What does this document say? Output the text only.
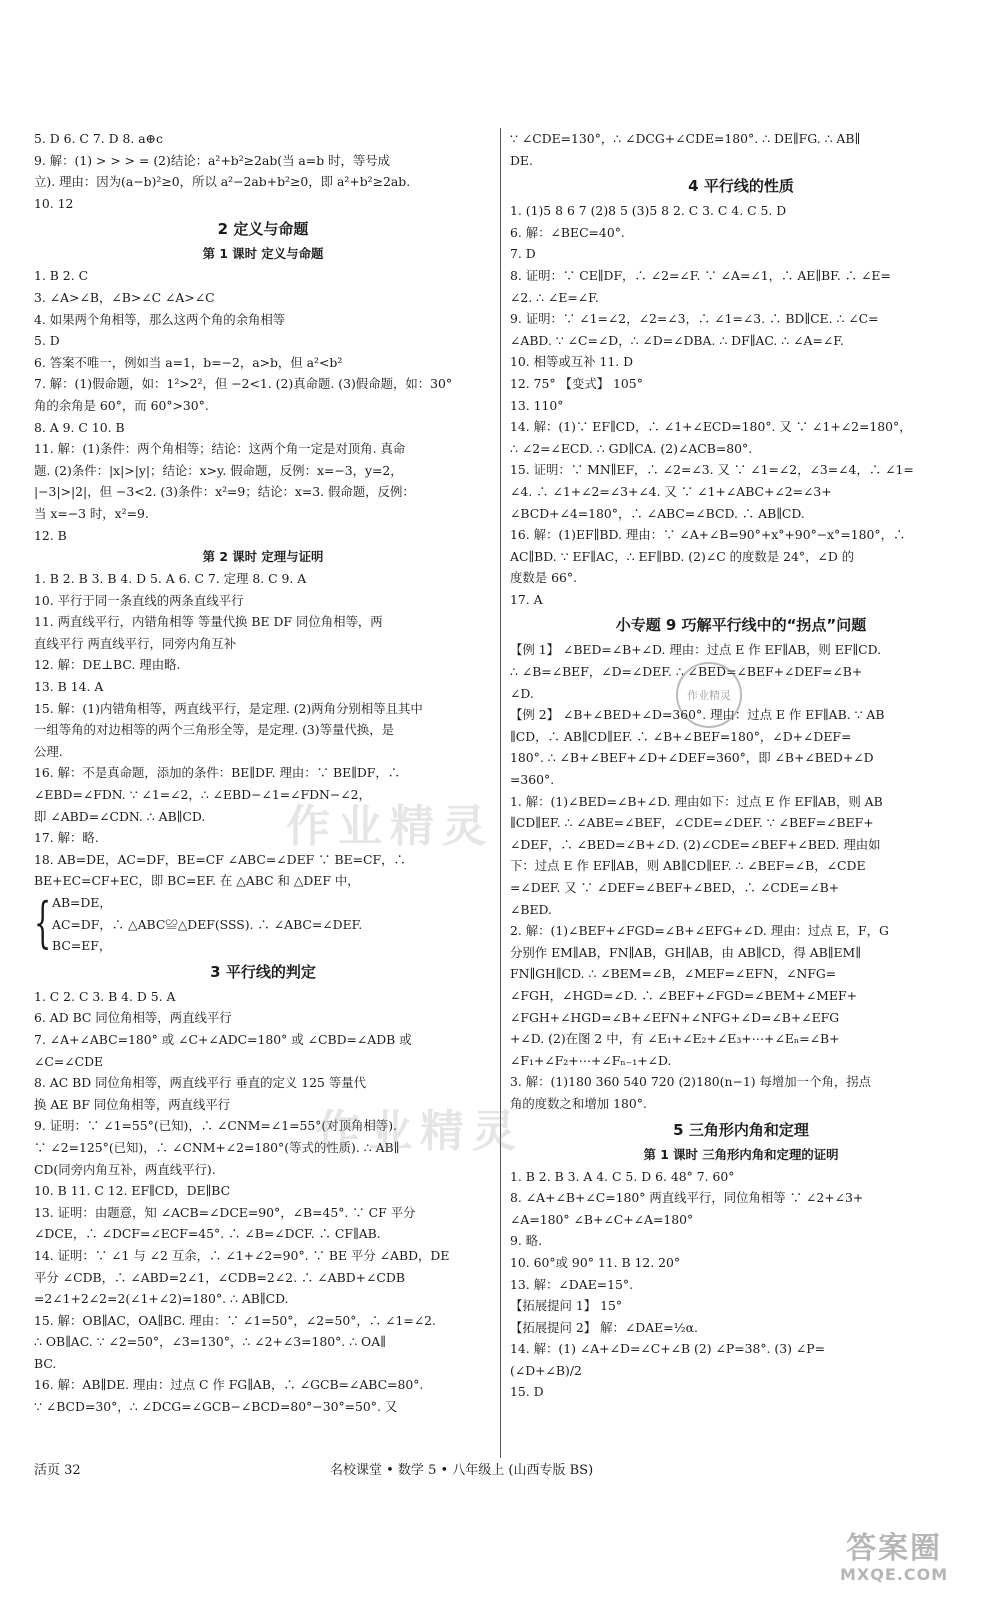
5. D 6. C 7. D 8. a⊕c
9. 解：(1) > > > = (2)结论：a²+b²≥2ab(当 a=b 时，等号成
立). 理由：因为(a−b)²≥0，所以 a²−2ab+b²≥0，即 a²+b²≥2ab.
10. 12
2 定义与命题
第 1 课时 定义与命题
1. B 2. C
3. ∠A>∠B，∠B>∠C ∠A>∠C
4. 如果两个角相等，那么这两个角的余角相等
5. D
6. 答案不唯一，例如当 a=1，b=−2，a>b，但 a²<b²
7. 解：(1)假命题，如：1²>2²，但 −2<1. (2)真命题. (3)假命题，如：30°
角的余角是 60°，而 60°>30°.
8. A 9. C 10. B
11. 解：(1)条件：两个角相等；结论：这两个角一定是对顶角. 真命
题. (2)条件：|x|>|y|；结论：x>y. 假命题，反例：x=−3，y=2，
|−3|>|2|，但 −3<2. (3)条件：x²=9；结论：x=3. 假命题，反例：
当 x=−3 时，x²=9.
12. B
第 2 课时 定理与证明
1. B 2. B 3. B 4. D 5. A 6. C 7. 定理 8. C 9. A
10. 平行于同一条直线的两条直线平行
11. 两直线平行，内错角相等 等量代换 BE DF 同位角相等，两
直线平行 两直线平行，同旁内角互补
12. 解：DE⊥BC. 理由略.
13. B 14. A
15. 解：(1)内错角相等，两直线平行，是定理. (2)两角分别相等且其中
一组等角的对边相等的两个三角形全等，是定理. (3)等量代换，是
公理.
16. 解：不是真命题，添加的条件：BE∥DF. 理由：∵ BE∥DF，∴
∠EBD=∠FDN. ∵ ∠1=∠2，∴ ∠EBD−∠1=∠FDN−∠2，
即 ∠ABD=∠CDN. ∴ AB∥CD.
17. 解：略.
18. AB=DE，AC=DF，BE=CF ∠ABC=∠DEF ∵ BE=CF，∴
BE+EC=CF+EC，即 BC=EF. 在 △ABC 和 △DEF 中，
{ AB=DE，
AC=DF，∴ △ABC≌△DEF(SSS). ∴ ∠ABC=∠DEF.
BC=EF，
3 平行线的判定
1. C 2. C 3. B 4. D 5. A
6. AD BC 同位角相等，两直线平行
7. ∠A+∠ABC=180° 或 ∠C+∠ADC=180° 或 ∠CBD=∠ADB 或
∠C=∠CDE
8. AC BD 同位角相等，两直线平行 垂直的定义 125 等量代
换 AE BF 同位角相等，两直线平行
9. 证明：∵ ∠1=55°(已知)，∴ ∠CNM=∠1=55°(对顶角相等).
∵ ∠2=125°(已知)，∴ ∠CNM+∠2=180°(等式的性质). ∴ AB∥
CD(同旁内角互补，两直线平行).
10. B 11. C 12. EF∥CD，DE∥BC
13. 证明：由题意，知 ∠ACB=∠DCE=90°，∠B=45°. ∵ CF 平分
∠DCE，∴ ∠DCF=∠ECF=45°. ∴ ∠B=∠DCF. ∴ CF∥AB.
14. 证明：∵ ∠1 与 ∠2 互余，∴ ∠1+∠2=90°. ∵ BE 平分 ∠ABD，DE
平分 ∠CDB，∴ ∠ABD=2∠1，∠CDB=2∠2. ∴ ∠ABD+∠CDB
=2∠1+2∠2=2(∠1+∠2)=180°. ∴ AB∥CD.
15. 解：OB∥AC，OA∥BC. 理由：∵ ∠1=50°，∠2=50°，∴ ∠1=∠2.
∴ OB∥AC. ∵ ∠2=50°，∠3=130°，∴ ∠2+∠3=180°. ∴ OA∥
BC.
16. 解：AB∥DE. 理由：过点 C 作 FG∥AB，∴ ∠GCB=∠ABC=80°.
∵ ∠BCD=30°，∴ ∠DCG=∠GCB−∠BCD=80°−30°=50°. 又
∵ ∠CDE=130°，∴ ∠DCG+∠CDE=180°. ∴ DE∥FG. ∴ AB∥
DE.
4 平行线的性质
1. (1)5 8 6 7 (2)8 5 (3)5 8 2. C 3. C 4. C 5. D
6. 解：∠BEC=40°.
7. D
8. 证明：∵ CE∥DF，∴ ∠2=∠F. ∵ ∠A=∠1，∴ AE∥BF. ∴ ∠E=
∠2. ∴ ∠E=∠F.
9. 证明：∵ ∠1=∠2，∠2=∠3，∴ ∠1=∠3. ∴ BD∥CE. ∴ ∠C=
∠ABD. ∵ ∠C=∠D，∴ ∠D=∠DBA. ∴ DF∥AC. ∴ ∠A=∠F.
10. 相等或互补 11. D
12. 75° 【变式】 105°
13. 110°
14. 解：(1)∵ EF∥CD，∴ ∠1+∠ECD=180°. 又 ∵ ∠1+∠2=180°，
∴ ∠2=∠ECD. ∴ GD∥CA. (2)∠ACB=80°.
15. 证明：∵ MN∥EF，∴ ∠2=∠3. 又 ∵ ∠1=∠2，∠3=∠4，∴ ∠1=
∠4. ∴ ∠1+∠2=∠3+∠4. 又 ∵ ∠1+∠ABC+∠2=∠3+
∠BCD+∠4=180°，∴ ∠ABC=∠BCD. ∴ AB∥CD.
16. 解：(1)EF∥BD. 理由：∵ ∠A+∠B=90°+x°+90°−x°=180°，∴
AC∥BD. ∵ EF∥AC，∴ EF∥BD. (2)∠C 的度数是 24°，∠D 的
度数是 66°.
17. A
小专题 9 巧解平行线中的“拐点”问题
【例 1】 ∠BED=∠B+∠D. 理由：过点 E 作 EF∥AB，则 EF∥CD.
∴ ∠B=∠BEF，∠D=∠DEF. ∴ ∠BED=∠BEF+∠DEF=∠B+
∠D.
【例 2】 ∠B+∠BED+∠D=360°. 理由：过点 E 作 EF∥AB. ∵ AB
∥CD，∴ AB∥CD∥EF. ∴ ∠B+∠BEF=180°，∠D+∠DEF=
180°. ∴ ∠B+∠BEF+∠D+∠DEF=360°，即 ∠B+∠BED+∠D
=360°.
1. 解：(1)∠BED=∠B+∠D. 理由如下：过点 E 作 EF∥AB，则 AB
∥CD∥EF. ∴ ∠ABE=∠BEF，∠CDE=∠DEF. ∵ ∠BEF=∠BEF+
∠DEF，∴ ∠BED=∠B+∠D. (2)∠CDE=∠BEF+∠BED. 理由如
下：过点 E 作 EF∥AB，则 AB∥CD∥EF. ∴ ∠BEF=∠B，∠CDE
=∠DEF. 又 ∵ ∠DEF=∠BEF+∠BED，∴ ∠CDE=∠B+
∠BED.
2. 解：(1)∠BEF+∠FGD=∠B+∠EFG+∠D. 理由：过点 E，F，G
分别作 EM∥AB，FN∥AB，GH∥AB，由 AB∥CD，得 AB∥EM∥
FN∥GH∥CD. ∴ ∠BEM=∠B，∠MEF=∠EFN，∠NFG=
∠FGH，∠HGD=∠D. ∴ ∠BEF+∠FGD=∠BEM+∠MEF+
∠FGH+∠HGD=∠B+∠EFN+∠NFG+∠D=∠B+∠EFG
+∠D. (2)在图 2 中，有 ∠E₁+∠E₂+∠E₃+⋯+∠Eₙ=∠B+
∠F₁+∠F₂+⋯+∠Fₙ₋₁+∠D.
3. 解：(1)180 360 540 720 (2)180(n−1) 每增加一个角，拐点
角的度数之和增加 180°.
5 三角形内角和定理
第 1 课时 三角形内角和定理的证明
1. B 2. B 3. A 4. C 5. D 6. 48° 7. 60°
8. ∠A+∠B+∠C=180° 两直线平行，同位角相等 ∵ ∠2+∠3+
∠A=180° ∠B+∠C+∠A=180°
9. 略.
10. 60°或 90° 11. B 12. 20°
13. 解：∠DAE=15°.
【拓展提问 1】 15°
【拓展提问 2】 解：∠DAE=½α.
14. 解：(1) ∠A+∠D=∠C+∠B (2) ∠P=38°. (3) ∠P=
(∠D+∠B)/2
15. D
作业精灵
作业精灵
作业精灵
活页 32	名校课堂 • 数学 5 • 八年级上 (山西专版 BS)
答案圈
MXQE.COM
